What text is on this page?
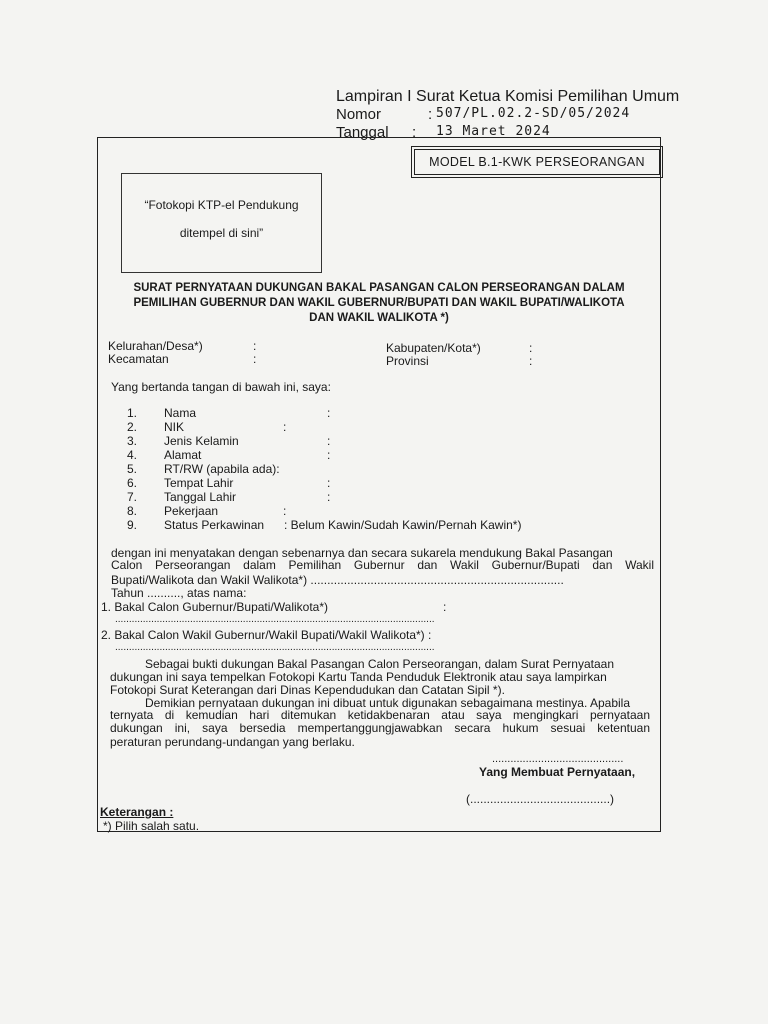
Lampiran I Surat Ketua Komisi Pemilihan Umum
Nomor	: 507/PL.02.2-SD/05/2024
Tanggal : 13 Maret 2024
MODEL B.1-KWK PERSEORANGAN
“Fotokopi KTP-el Pendukung
ditempel di sini”
SURAT PERNYATAAN DUKUNGAN BAKAL PASANGAN CALON PERSEORANGAN DALAM
PEMILIHAN GUBERNUR DAN WAKIL GUBERNUR/BUPATI DAN WAKIL BUPATI/WALIKOTA
DAN WAKIL WALIKOTA *)
Kelurahan/Desa*)	:
Kecamatan	:
Kabupaten/Kota*)	:
Provinsi	:
Yang bertanda tangan di bawah ini, saya:
1. Nama	:
2. NIK	:
3. Jenis Kelamin	:
4. Alamat	:
5. RT/RW (apabila ada):
6. Tempat Lahir	:
7. Tanggal Lahir	:
8. Pekerjaan	:
9. Status Perkawinan : Belum Kawin/Sudah Kawin/Pernah Kawin*)
dengan ini menyatakan dengan sebenarnya dan secara sukarela mendukung Bakal Pasangan
Calon Perseorangan dalam Pemilihan Gubernur dan Wakil Gubernur/Bupati dan Wakil
Bupati/Walikota dan Wakil Walikota*) ............................................................................
Tahun .........., atas nama:
1. Bakal Calon Gubernur/Bupati/Walikota*)	:
...................................................................................................................
2. Bakal Calon Wakil Gubernur/Wakil Bupati/Wakil Walikota*) :
...................................................................................................................
Sebagai bukti dukungan Bakal Pasangan Calon Perseorangan, dalam Surat Pernyataan
dukungan ini saya tempelkan Fotokopi Kartu Tanda Penduduk Elektronik atau saya lampirkan
Fotokopi Surat Keterangan dari Dinas Kependudukan dan Catatan Sipil *).
Demikian pernyataan dukungan ini dibuat untuk digunakan sebagaimana mestinya. Apabila
ternyata di kemudian hari ditemukan ketidakbenaran atau saya mengingkari pernyataan
dukungan ini, saya bersedia mempertanggungjawabkan secara hukum sesuai ketentuan
peraturan perundang-undangan yang berlaku.
...........................................
Yang Membuat Pernyataan,
(..........................................)
Keterangan :
*) Pilih salah satu.
